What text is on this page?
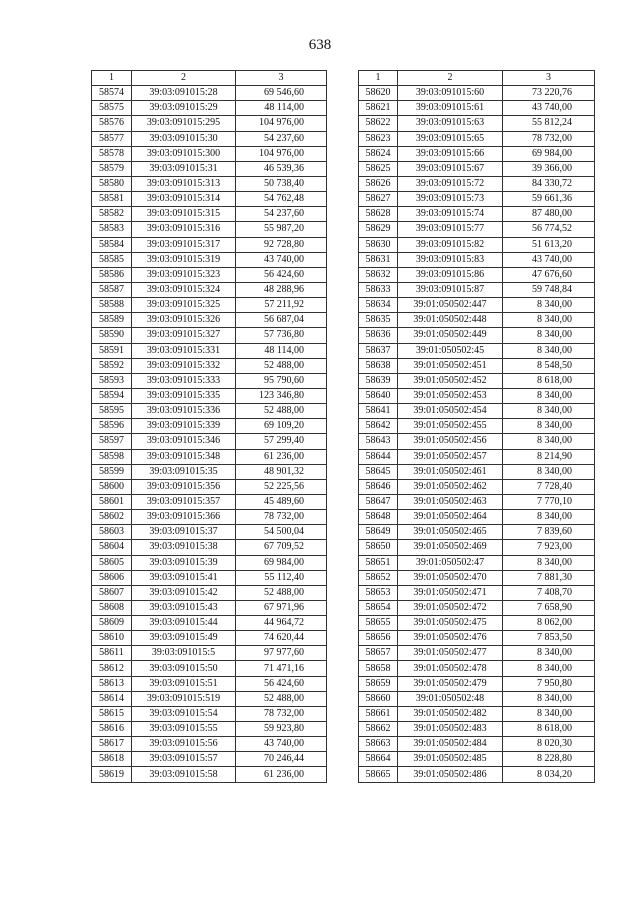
638
1	2	3
58574	39:03:091015:28	69 546,60
58575	39:03:091015:29	48 114,00
58576	39:03:091015:295	104 976,00
58577	39:03:091015:30	54 237,60
58578	39:03:091015:300	104 976,00
58579	39:03:091015:31	46 539,36
58580	39:03:091015:313	50 738,40
58581	39:03:091015:314	54 762,48
58582	39:03:091015:315	54 237,60
58583	39:03:091015:316	55 987,20
58584	39:03:091015:317	92 728,80
58585	39:03:091015:319	43 740,00
58586	39:03:091015:323	56 424,60
58587	39:03:091015:324	48 288,96
58588	39:03:091015:325	57 211,92
58589	39:03:091015:326	56 687,04
58590	39:03:091015:327	57 736,80
58591	39:03:091015:331	48 114,00
58592	39:03:091015:332	52 488,00
58593	39:03:091015:333	95 790,60
58594	39:03:091015:335	123 346,80
58595	39:03:091015:336	52 488,00
58596	39:03:091015:339	69 109,20
58597	39:03:091015:346	57 299,40
58598	39:03:091015:348	61 236,00
58599	39:03:091015:35	48 901,32
58600	39:03:091015:356	52 225,56
58601	39:03:091015:357	45 489,60
58602	39:03:091015:366	78 732,00
58603	39:03:091015:37	54 500,04
58604	39:03:091015:38	67 709,52
58605	39:03:091015:39	69 984,00
58606	39:03:091015:41	55 112,40
58607	39:03:091015:42	52 488,00
58608	39:03:091015:43	67 971,96
58609	39:03:091015:44	44 964,72
58610	39:03:091015:49	74 620,44
58611	39:03:091015:5	97 977,60
58612	39:03:091015:50	71 471,16
58613	39:03:091015:51	56 424,60
58614	39:03:091015:519	52 488,00
58615	39:03:091015:54	78 732,00
58616	39:03:091015:55	59 923,80
58617	39:03:091015:56	43 740,00
58618	39:03:091015:57	70 246,44
58619	39:03:091015:58	61 236,00
1	2	3
58620	39:03:091015:60	73 220,76
58621	39:03:091015:61	43 740,00
58622	39:03:091015:63	55 812,24
58623	39:03:091015:65	78 732,00
58624	39:03:091015:66	69 984,00
58625	39:03:091015:67	39 366,00
58626	39:03:091015:72	84 330,72
58627	39:03:091015:73	59 661,36
58628	39:03:091015:74	87 480,00
58629	39:03:091015:77	56 774,52
58630	39:03:091015:82	51 613,20
58631	39:03:091015:83	43 740,00
58632	39:03:091015:86	47 676,60
58633	39:03:091015:87	59 748,84
58634	39:01:050502:447	8 340,00
58635	39:01:050502:448	8 340,00
58636	39:01:050502:449	8 340,00
58637	39:01:050502:45	8 340,00
58638	39:01:050502:451	8 548,50
58639	39:01:050502:452	8 618,00
58640	39:01:050502:453	8 340,00
58641	39:01:050502:454	8 340,00
58642	39:01:050502:455	8 340,00
58643	39:01:050502:456	8 340,00
58644	39:01:050502:457	8 214,90
58645	39:01:050502:461	8 340,00
58646	39:01:050502:462	7 728,40
58647	39:01:050502:463	7 770,10
58648	39:01:050502:464	8 340,00
58649	39:01:050502:465	7 839,60
58650	39:01:050502:469	7 923,00
58651	39:01:050502:47	8 340,00
58652	39:01:050502:470	7 881,30
58653	39:01:050502:471	7 408,70
58654	39:01:050502:472	7 658,90
58655	39:01:050502:475	8 062,00
58656	39:01:050502:476	7 853,50
58657	39:01:050502:477	8 340,00
58658	39:01:050502:478	8 340,00
58659	39:01:050502:479	7 950,80
58660	39:01:050502:48	8 340,00
58661	39:01:050502:482	8 340,00
58662	39:01:050502:483	8 618,00
58663	39:01:050502:484	8 020,30
58664	39:01:050502:485	8 228,80
58665	39:01:050502:486	8 034,20
